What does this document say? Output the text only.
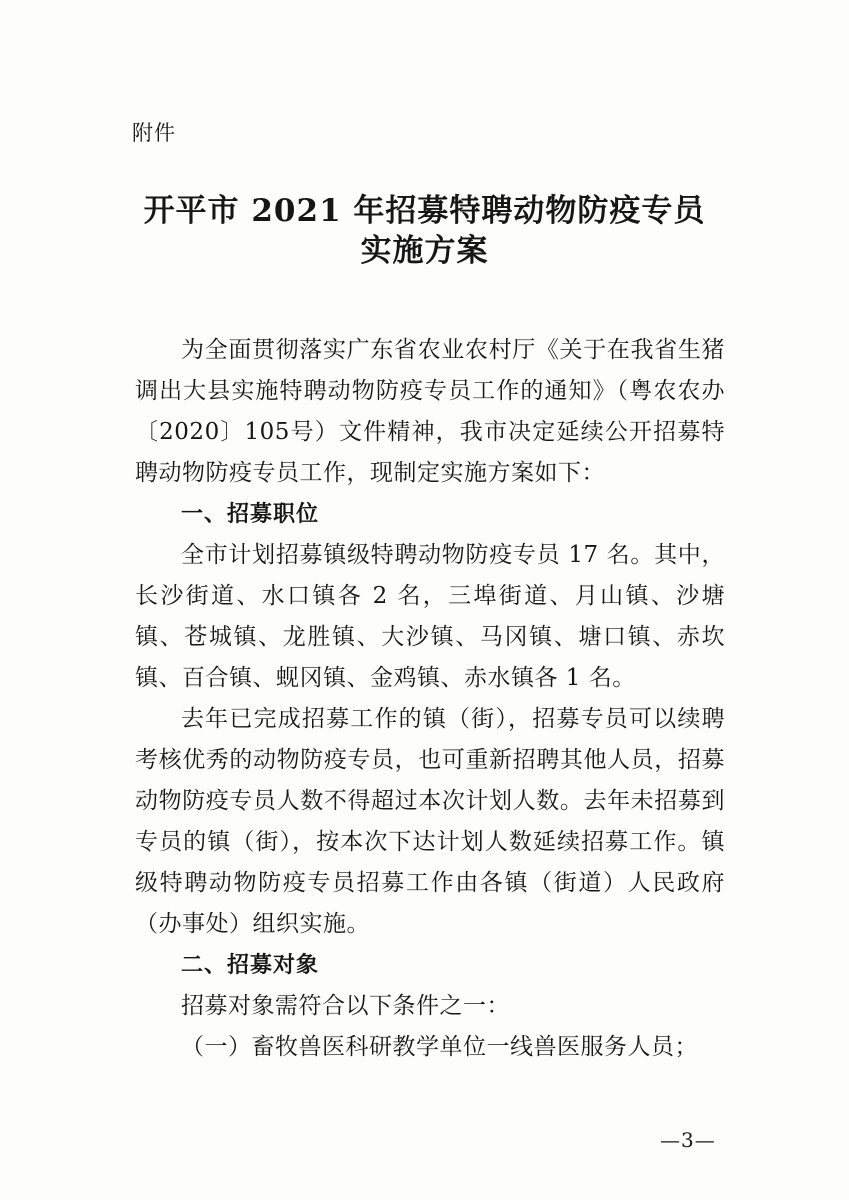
附件
开平市 2021 年招募特聘动物防疫专员
实施方案

为全面贯彻落实广东省农业农村厅《关于在我省生猪调出大县实施特聘动物防疫专员工作的通知》（粤农农办〔2020〕105号）文件精神，我市决定延续公开招募特聘动物防疫专员工作，现制定实施方案如下：

一、招募职位

全市计划招募镇级特聘动物防疫专员 17 名。其中，长沙街道、水口镇各 2 名，三埠街道、月山镇、沙塘镇、苍城镇、龙胜镇、大沙镇、马冈镇、塘口镇、赤坎镇、百合镇、蚬冈镇、金鸡镇、赤水镇各 1 名。

去年已完成招募工作的镇（街），招募专员可以续聘考核优秀的动物防疫专员，也可重新招聘其他人员，招募动物防疫专员人数不得超过本次计划人数。去年未招募到专员的镇（街），按本次下达计划人数延续招募工作。镇级特聘动物防疫专员招募工作由各镇（街道）人民政府（办事处）组织实施。

二、招募对象

招募对象需符合以下条件之一：

（一）畜牧兽医科研教学单位一线兽医服务人员；

—3—
